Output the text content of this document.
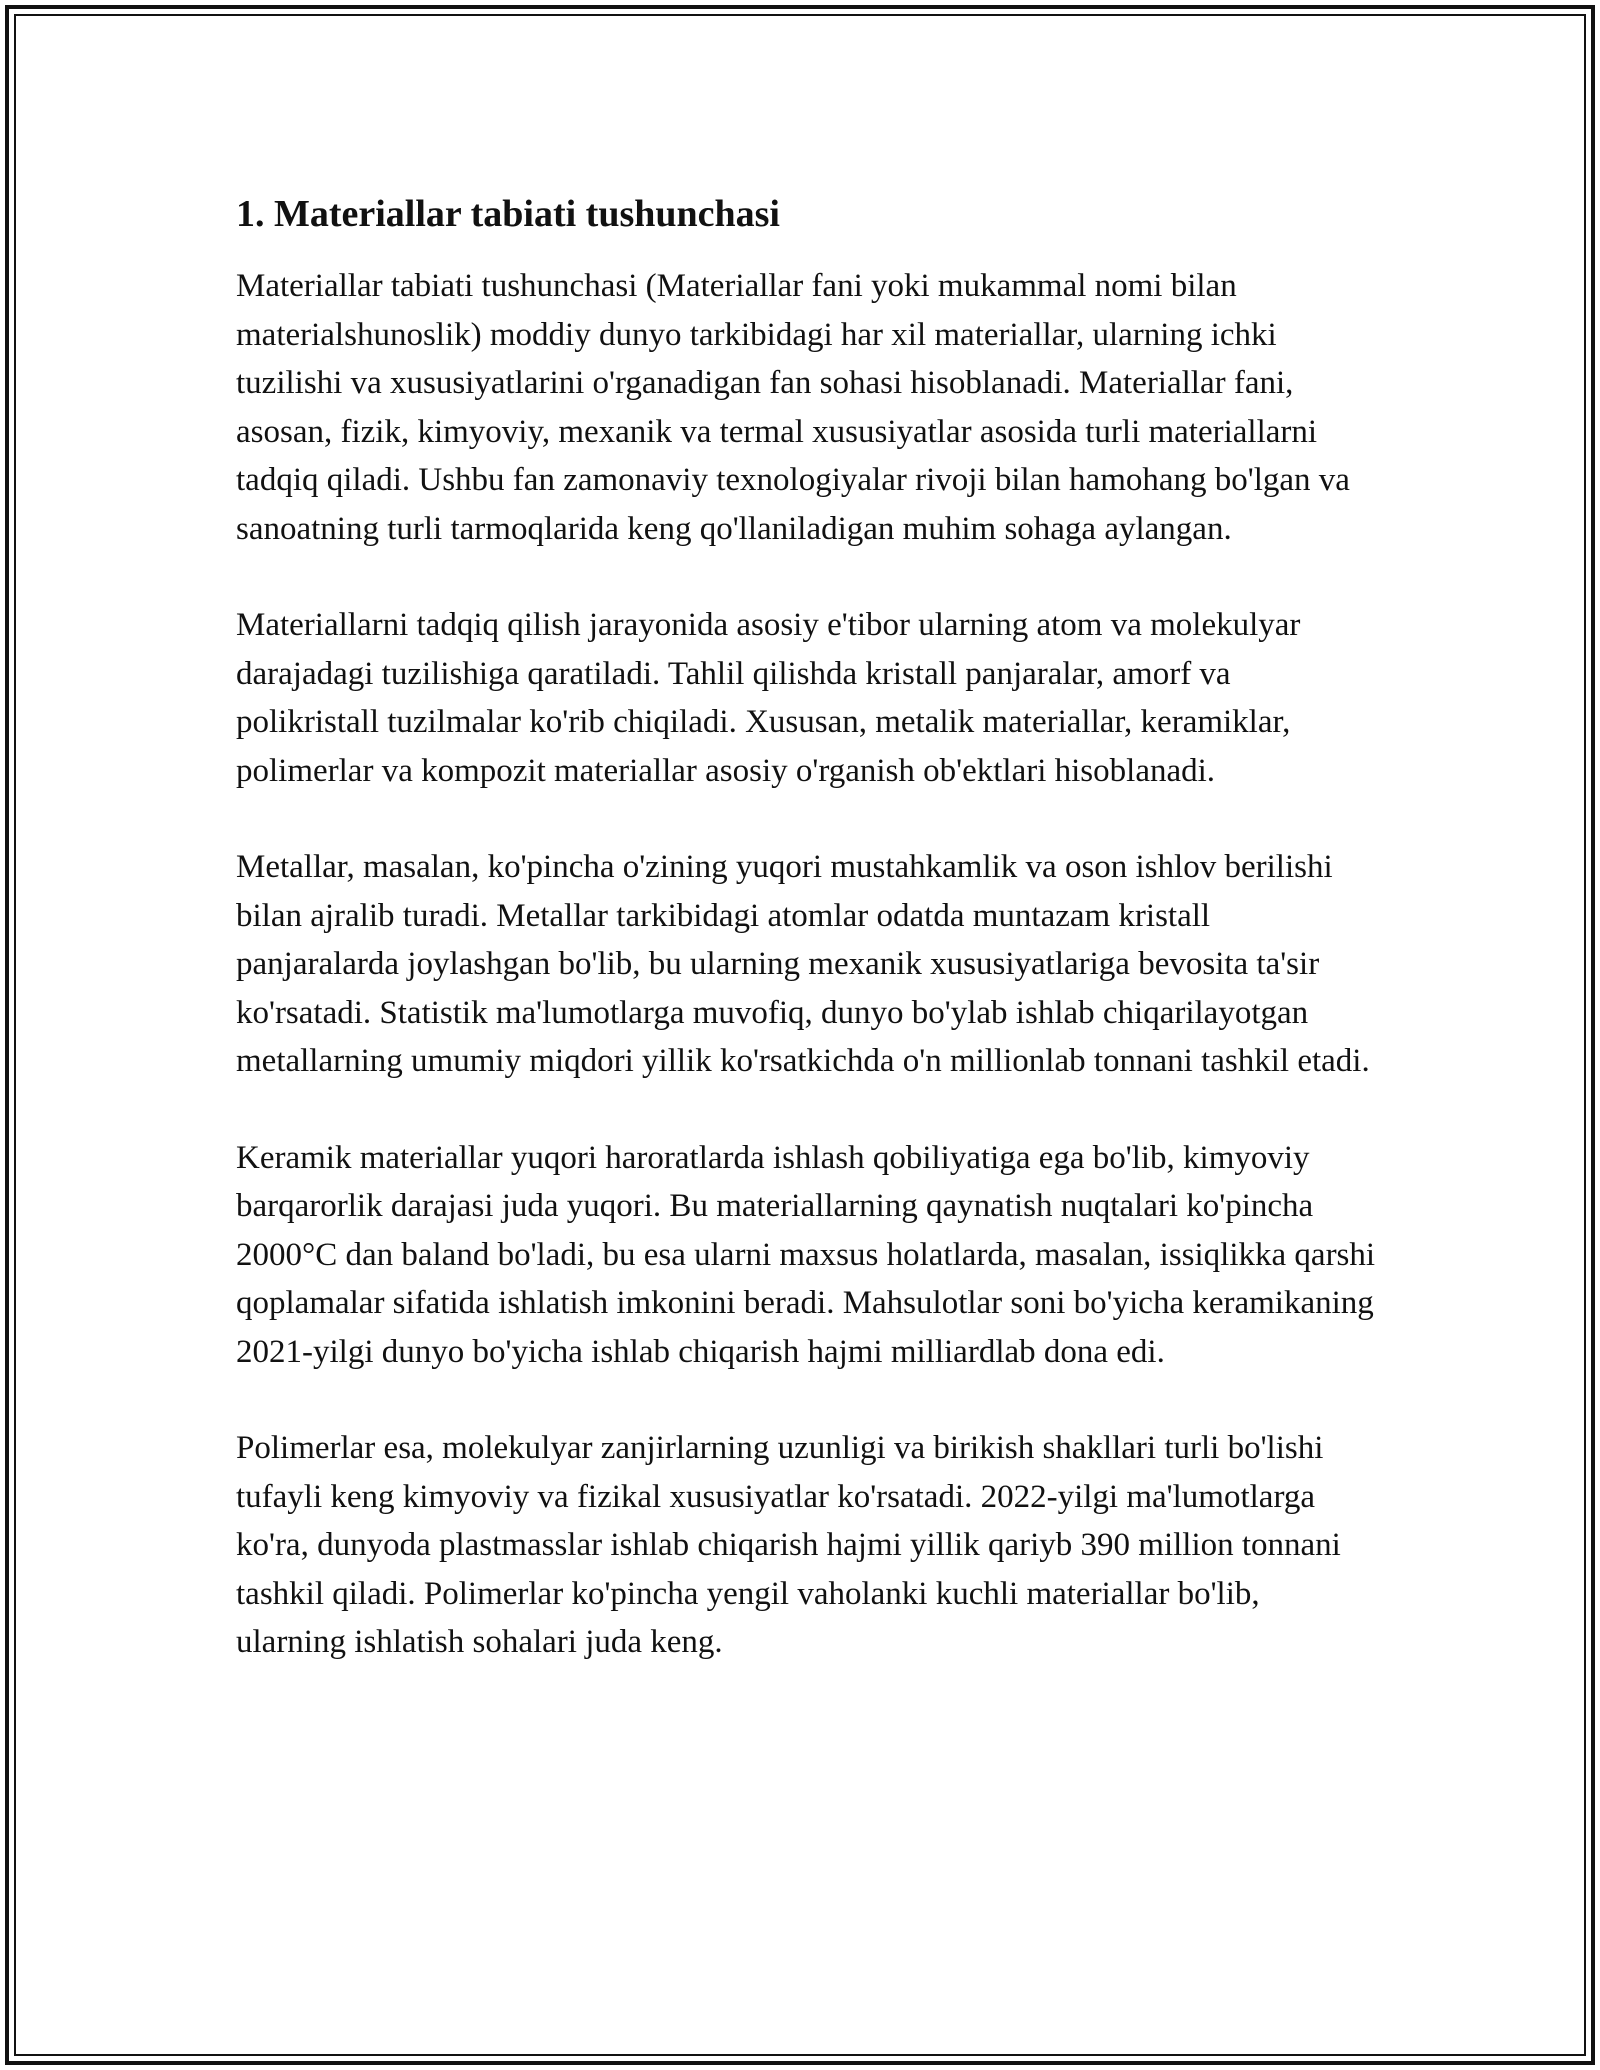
1. Materiallar tabiati tushunchasi

Materiallar tabiati tushunchasi (Materiallar fani yoki mukammal nomi bilan materialshunoslik) moddiy dunyo tarkibidagi har xil materiallar, ularning ichki tuzilishi va xususiyatlarini o'rganadigan fan sohasi hisoblanadi. Materiallar fani, asosan, fizik, kimyoviy, mexanik va termal xususiyatlar asosida turli materiallarni tadqiq qiladi. Ushbu fan zamonaviy texnologiyalar rivoji bilan hamohang bo'lgan va sanoatning turli tarmoqlarida keng qo'llaniladigan muhim sohaga aylangan.

Materiallarni tadqiq qilish jarayonida asosiy e'tibor ularning atom va molekulyar darajadagi tuzilishiga qaratiladi. Tahlil qilishda kristall panjaralar, amorf va polikristall tuzilmalar ko'rib chiqiladi. Xususan, metalik materiallar, keramiklar, polimerlar va kompozit materiallar asosiy o'rganish ob'ektlari hisoblanadi.

Metallar, masalan, ko'pincha o'zining yuqori mustahkamlik va oson ishlov berilishi bilan ajralib turadi. Metallar tarkibidagi atomlar odatda muntazam kristall panjaralarda joylashgan bo'lib, bu ularning mexanik xususiyatlariga bevosita ta'sir ko'rsatadi. Statistik ma'lumotlarga muvofiq, dunyo bo'ylab ishlab chiqarilayotgan metallarning umumiy miqdori yillik ko'rsatkichda o'n millionlab tonnani tashkil etadi.

Keramik materiallar yuqori haroratlarda ishlash qobiliyatiga ega bo'lib, kimyoviy barqarorlik darajasi juda yuqori. Bu materiallarning qaynatish nuqtalari ko'pincha 2000°C dan baland bo'ladi, bu esa ularni maxsus holatlarda, masalan, issiqlikka qarshi qoplamalar sifatida ishlatish imkonini beradi. Mahsulotlar soni bo'yicha keramikaning 2021-yilgi dunyo bo'yicha ishlab chiqarish hajmi milliardlab dona edi.

Polimerlar esa, molekulyar zanjirlarning uzunligi va birikish shakllari turli bo'lishi tufayli keng kimyoviy va fizikal xususiyatlar ko'rsatadi. 2022-yilgi ma'lumotlarga ko'ra, dunyoda plastmasslar ishlab chiqarish hajmi yillik qariyb 390 million tonnani tashkil qiladi. Polimerlar ko'pincha yengil vaholanki kuchli materiallar bo'lib, ularning ishlatish sohalari juda keng.
